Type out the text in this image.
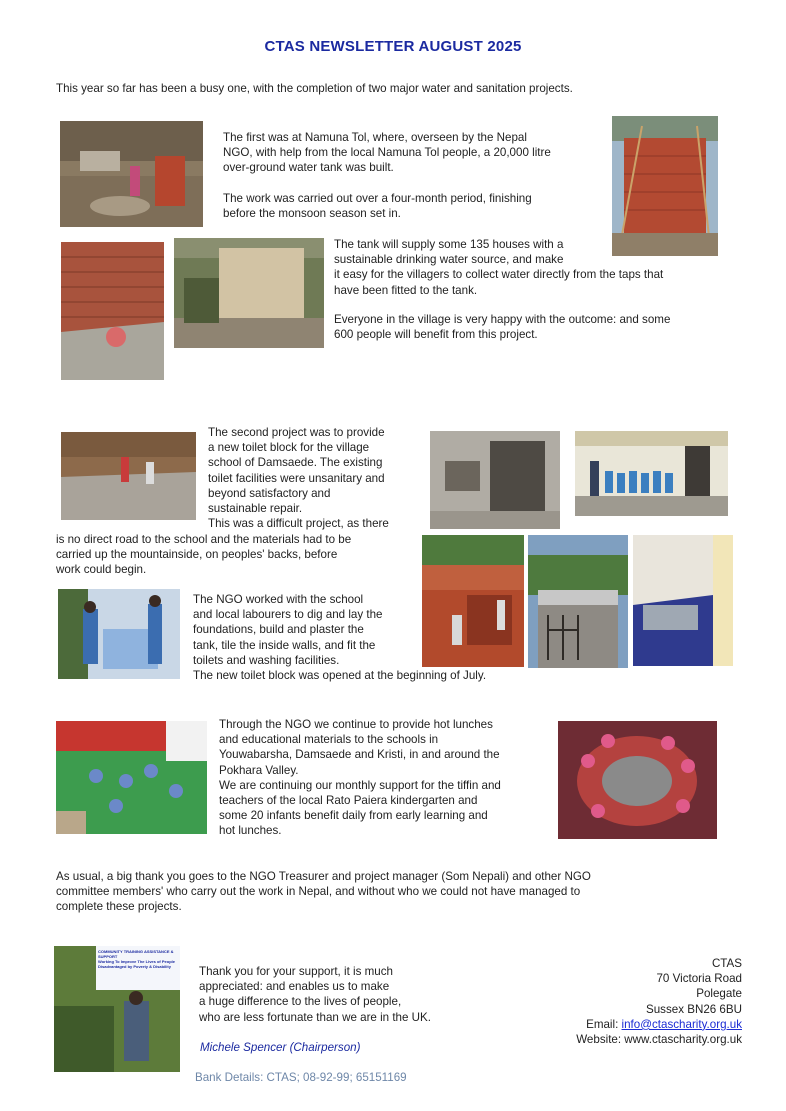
CTAS NEWSLETTER AUGUST 2025
This year so far has been a busy one, with the completion of two major water and sanitation projects.
The first was at Namuna Tol, where, overseen by the Nepal
NGO, with help from the local Namuna Tol people, a 20,000 litre
over-ground water tank was built.
The work was carried out over a four-month period, finishing
before the monsoon season set in.
The tank will supply some 135 houses with a
sustainable drinking water source, and make
it easy for the villagers to collect water directly from the taps that
have been fitted to the tank.
Everyone in the village is very happy with the outcome: and some
600 people will benefit from this project.
The second project was to provide
a new toilet block for the village
school of Damsaede. The existing
toilet facilities were unsanitary and
beyond satisfactory and
sustainable repair.
This was a difficult project, as there
is no direct road to the school and the materials had to be
carried up the mountainside, on peoples' backs, before
work could begin.
The NGO worked with the school
and local labourers to dig and lay the
foundations, build and plaster the
tank, tile the inside walls, and fit the
toilets and washing facilities.
The new toilet block was opened at the beginning of July.
Through the NGO we continue to provide hot lunches
and educational materials to the schools in
Youwabarsha, Damsaede and Kristi, in and around the
Pokhara Valley.
We are continuing our monthly support for the tiffin and
teachers of the local Rato Paiera kindergarten and
some 20 infants benefit daily from early learning and
hot lunches.
As usual, a big thank you goes to the NGO Treasurer and project manager (Som Nepali) and other NGO
committee members' who carry out the work in Nepal, and without who we could not have managed to
complete these projects.
COMMUNITY TRAINING ASSISTANCE & SUPPORT
Working To Improve The Lives of People
Disadvantaged by Poverty & Disability	Thank you for your support, it is much
appreciated: and enables us to make
a huge difference to the lives of people,
who are less fortunate than we are in the UK.
Michele Spencer (Chairperson)
Bank Details: CTAS; 08-92-99; 65151169
CTAS
70 Victoria Road
Polegate
Sussex BN26 6BU
Email: info@ctascharity.org.uk
Website: www.ctascharity.org.uk
